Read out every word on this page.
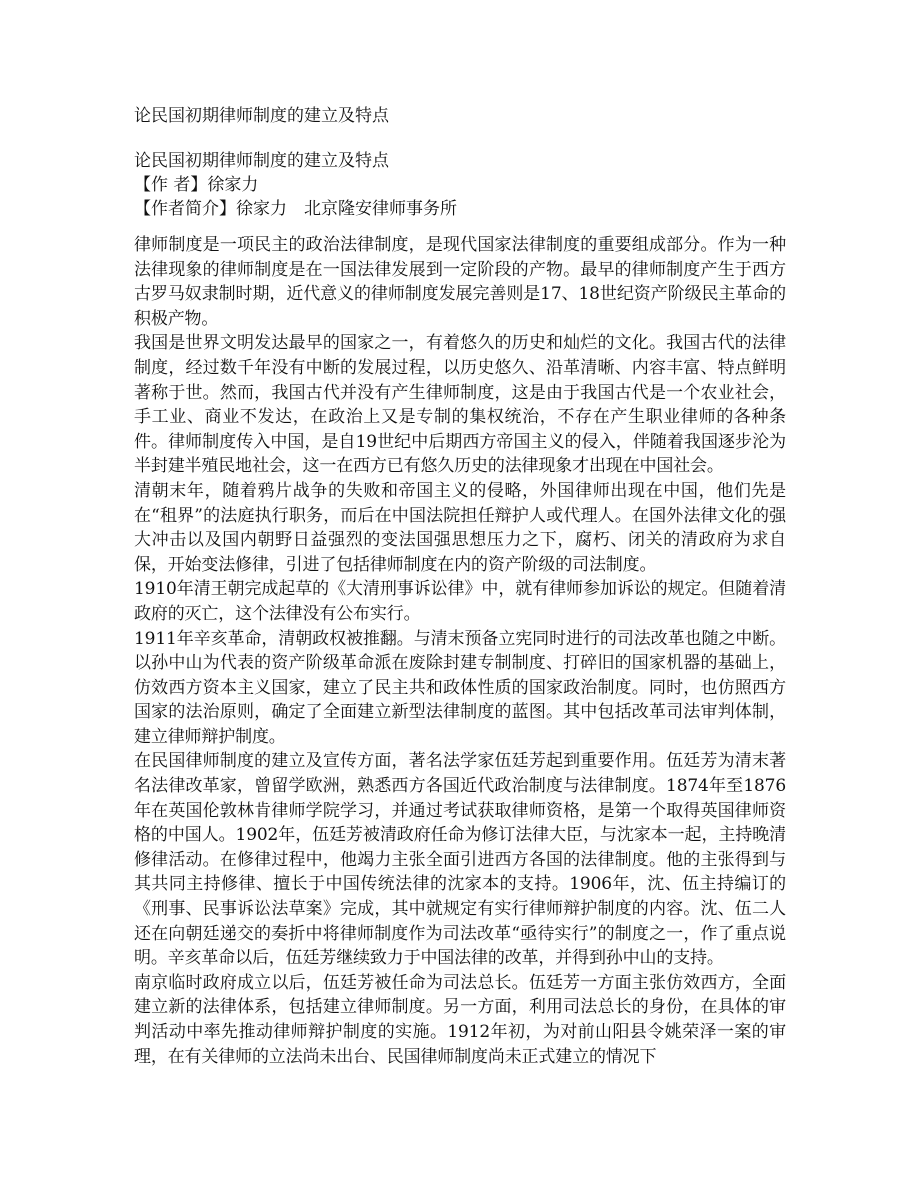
论民国初期律师制度的建立及特点

论民国初期律师制度的建立及特点

【作 者】徐家力

【作者简介】徐家力　北京隆安律师事务所

律师制度是一项民主的政治法律制度，是现代国家法律制度的重要组成部分。作为一种法律现象的律师制度是在一国法律发展到一定阶段的产物。最早的律师制度产生于西方古罗马奴隶制时期，近代意义的律师制度发展完善则是17、18世纪资产阶级民主革命的积极产物。

我国是世界文明发达最早的国家之一，有着悠久的历史和灿烂的文化。我国古代的法律制度，经过数千年没有中断的发展过程，以历史悠久、沿革清晰、内容丰富、特点鲜明著称于世。然而，我国古代并没有产生律师制度，这是由于我国古代是一个农业社会，手工业、商业不发达，在政治上又是专制的集权统治，不存在产生职业律师的各种条件。律师制度传入中国，是自19世纪中后期西方帝国主义的侵入，伴随着我国逐步沦为半封建半殖民地社会，这一在西方已有悠久历史的法律现象才出现在中国社会。

清朝末年，随着鸦片战争的失败和帝国主义的侵略，外国律师出现在中国，他们先是在“租界”的法庭执行职务，而后在中国法院担任辩护人或代理人。在国外法律文化的强大冲击以及国内朝野日益强烈的变法国强思想压力之下，腐朽、闭关的清政府为求自保，开始变法修律，引进了包括律师制度在内的资产阶级的司法制度。

1910年清王朝完成起草的《大清刑事诉讼律》中，就有律师参加诉讼的规定。但随着清政府的灭亡，这个法律没有公布实行。

1911年辛亥革命，清朝政权被推翻。与清末预备立宪同时进行的司法改革也随之中断。以孙中山为代表的资产阶级革命派在废除封建专制制度、打碎旧的国家机器的基础上，仿效西方资本主义国家，建立了民主共和政体性质的国家政治制度。同时，也仿照西方国家的法治原则，确定了全面建立新型法律制度的蓝图。其中包括改革司法审判体制，建立律师辩护制度。

在民国律师制度的建立及宣传方面，著名法学家伍廷芳起到重要作用。伍廷芳为清末著名法律改革家，曾留学欧洲，熟悉西方各国近代政治制度与法律制度。1874年至1876年在英国伦敦林肯律师学院学习，并通过考试获取律师资格，是第一个取得英国律师资格的中国人。1902年，伍廷芳被清政府任命为修订法律大臣，与沈家本一起，主持晚清修律活动。在修律过程中，他竭力主张全面引进西方各国的法律制度。他的主张得到与其共同主持修律、擅长于中国传统法律的沈家本的支持。1906年，沈、伍主持编订的《刑事、民事诉讼法草案》完成，其中就规定有实行律师辩护制度的内容。沈、伍二人还在向朝廷递交的奏折中将律师制度作为司法改革“亟待实行”的制度之一，作了重点说明。辛亥革命以后，伍廷芳继续致力于中国法律的改革，并得到孙中山的支持。

南京临时政府成立以后，伍廷芳被任命为司法总长。伍廷芳一方面主张仿效西方，全面建立新的法律体系，包括建立律师制度。另一方面，利用司法总长的身份，在具体的审判活动中率先推动律师辩护制度的实施。1912年初，为对前山阳县令姚荣泽一案的审理，在有关律师的立法尚未出台、民国律师制度尚未正式建立的情况下
